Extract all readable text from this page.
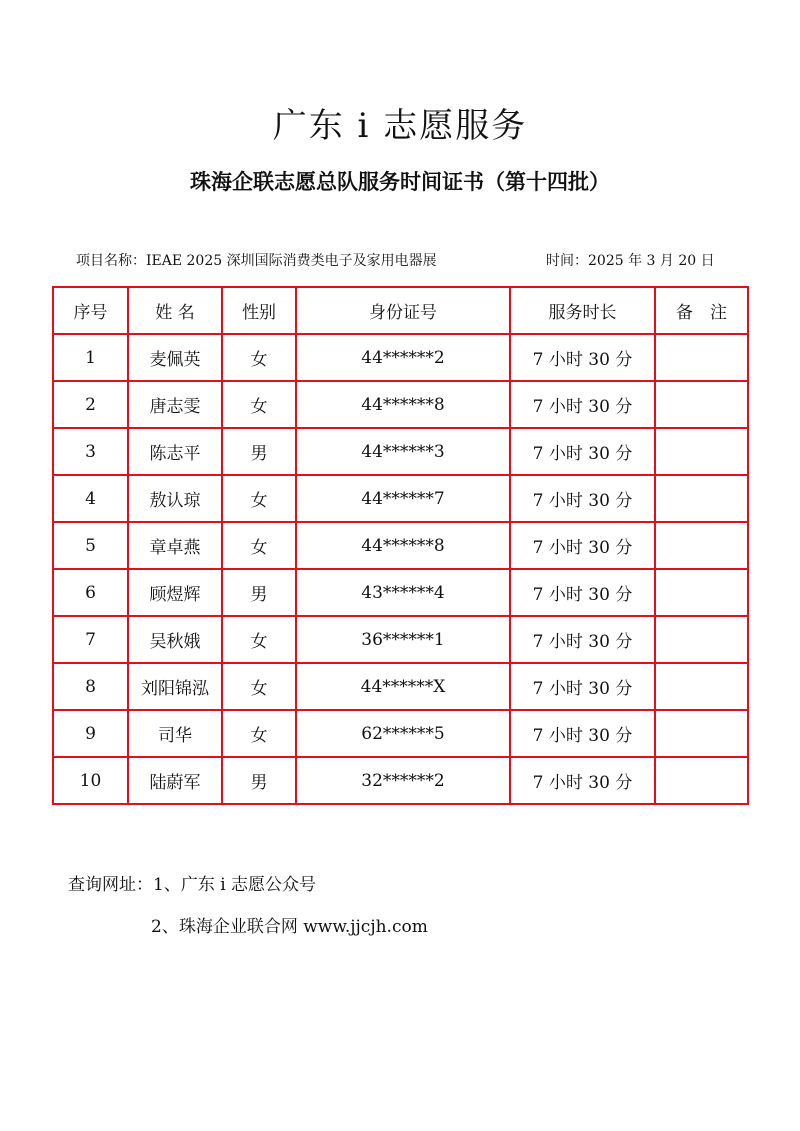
广东 i 志愿服务
珠海企联志愿总队服务时间证书（第十四批）
项目名称：IEAE 2025 深圳国际消费类电子及家用电器展	时间：2025 年 3 月 20 日
序号	姓 名	性别	身份证号	服务时长	备　注
1	麦佩英	女	44******2	7 小时 30 分	
2	唐志雯	女	44******8	7 小时 30 分	
3	陈志平	男	44******3	7 小时 30 分	
4	敖认琼	女	44******7	7 小时 30 分	
5	章卓燕	女	44******8	7 小时 30 分	
6	顾煜辉	男	43******4	7 小时 30 分	
7	吴秋娥	女	36******1	7 小时 30 分	
8	刘阳锦泓	女	44******X	7 小时 30 分	
9	司华	女	62******5	7 小时 30 分	
10	陆蔚军	男	32******2	7 小时 30 分	
查询网址：1、广东 i 志愿公众号
2、珠海企业联合网 www.jjcjh.com
